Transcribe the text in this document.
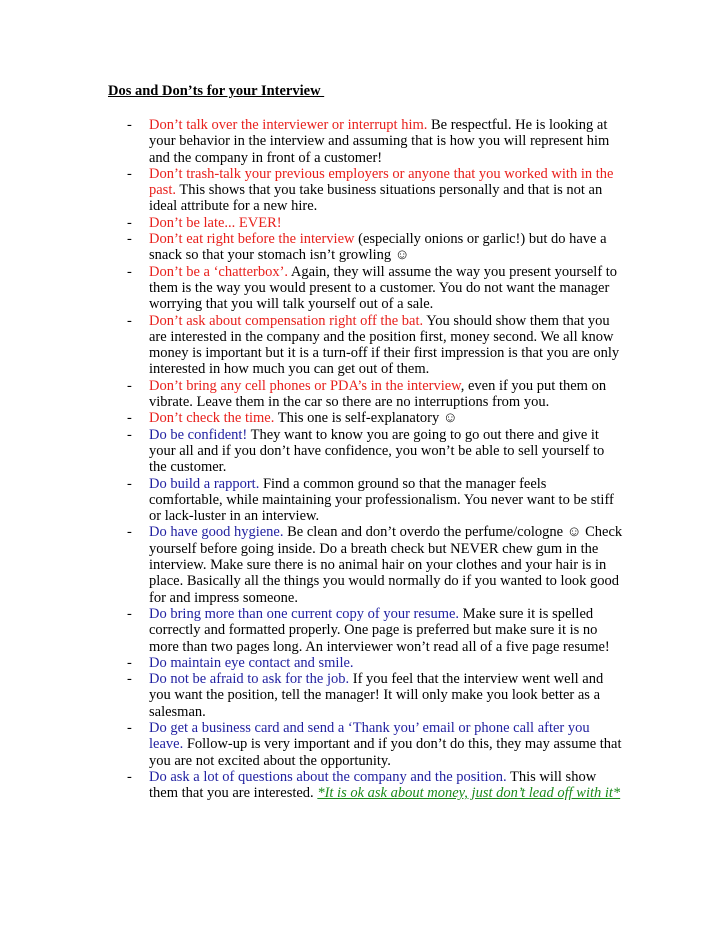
Dos and Don’ts for your Interview
- Don’t talk over the interviewer or interrupt him. Be respectful. He is looking at your behavior in the interview and assuming that is how you will represent him and the company in front of a customer!
- Don’t trash-talk your previous employers or anyone that you worked with in the past. This shows that you take business situations personally and that is not an ideal attribute for a new hire.
- Don’t be late... EVER!
- Don’t eat right before the interview (especially onions or garlic!) but do have a snack so that your stomach isn’t growling ☺
- Don’t be a ‘chatterbox’. Again, they will assume the way you present yourself to them is the way you would present to a customer. You do not want the manager worrying that you will talk yourself out of a sale.
- Don’t ask about compensation right off the bat. You should show them that you are interested in the company and the position first, money second. We all know money is important but it is a turn-off if their first impression is that you are only interested in how much you can get out of them.
- Don’t bring any cell phones or PDA’s in the interview, even if you put them on vibrate. Leave them in the car so there are no interruptions from you.
- Don’t check the time. This one is self-explanatory ☺
- Do be confident! They want to know you are going to go out there and give it your all and if you don’t have confidence, you won’t be able to sell yourself to the customer.
- Do build a rapport. Find a common ground so that the manager feels comfortable, while maintaining your professionalism. You never want to be stiff or lack-luster in an interview.
- Do have good hygiene. Be clean and don’t overdo the perfume/cologne ☺ Check yourself before going inside. Do a breath check but NEVER chew gum in the interview. Make sure there is no animal hair on your clothes and your hair is in place. Basically all the things you would normally do if you wanted to look good for and impress someone.
- Do bring more than one current copy of your resume. Make sure it is spelled correctly and formatted properly. One page is preferred but make sure it is no more than two pages long. An interviewer won’t read all of a five page resume!
- Do maintain eye contact and smile.
- Do not be afraid to ask for the job. If you feel that the interview went well and you want the position, tell the manager! It will only make you look better as a salesman.
- Do get a business card and send a ‘Thank you’ email or phone call after you leave. Follow-up is very important and if you don’t do this, they may assume that you are not excited about the opportunity.
- Do ask a lot of questions about the company and the position. This will show them that you are interested. *It is ok ask about money, just don’t lead off with it*
